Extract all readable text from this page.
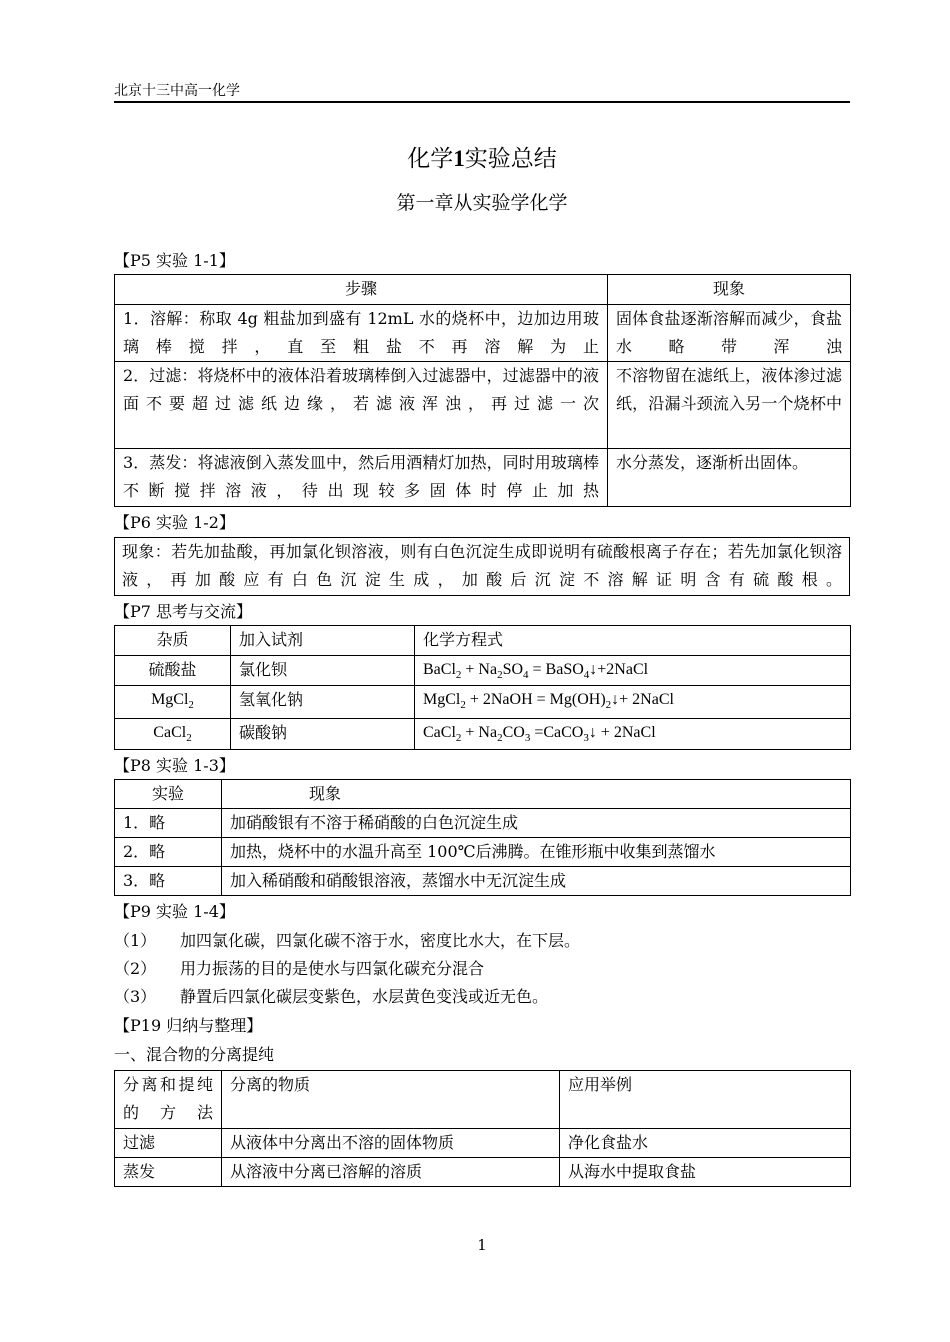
北京十三中高一化学
化学1实验总结
第一章从实验学化学
【P5 实验 1-1】
步骤	现象
1．溶解：称取 4g 粗盐加到盛有 12mL 水的烧杯中，边加边用玻璃棒搅拌，直至粗盐不再溶解为止	固体食盐逐渐溶解而减少，食盐水略带浑浊
2．过滤：将烧杯中的液体沿着玻璃棒倒入过滤器中，过滤器中的液面不要超过滤纸边缘，若滤液浑浊，再过滤一次	不溶物留在滤纸上，液体渗过滤纸，沿漏斗颈流入另一个烧杯中
3．蒸发：将滤液倒入蒸发皿中，然后用酒精灯加热，同时用玻璃棒不断搅拌溶液，待出现较多固体时停止加热	水分蒸发，逐渐析出固体。
【P6 实验 1-2】
现象：若先加盐酸，再加氯化钡溶液，则有白色沉淀生成即说明有硫酸根离子存在；若先加氯化钡溶液，再加酸应有白色沉淀生成，加酸后沉淀不溶解证明含有硫酸根。
【P7 思考与交流】
杂质	加入试剂	化学方程式
硫酸盐	氯化钡	BaCl$_2$ + $Na_2SO_4$ = BaSO$_4$↓+2NaCl
MgCl$_2$	氢氧化钠	MgCl$_2$ + 2NaOH = $Mg(OH)_2↓+$ 2NaCl
CaCl$_2$	碳酸钠	CaCl$_2$ + $Na_2CO_3$ =CaCO$_3$↓ + 2NaCl
【P8 实验 1-3】
实验	现象
1．略	加硝酸银有不溶于稀硝酸的白色沉淀生成
2．略	加热，烧杯中的水温升高至 100℃后沸腾。在锥形瓶中收集到蒸馏水
3．略	加入稀硝酸和硝酸银溶液，蒸馏水中无沉淀生成
【P9 实验 1-4】
（1） 加四氯化碳，四氯化碳不溶于水，密度比水大，在下层。
（2） 用力振荡的目的是使水与四氯化碳充分混合
（3） 静置后四氯化碳层变紫色，水层黄色变浅或近无色。
【P19 归纳与整理】
一、混合物的分离提纯
分离和提纯的方法	分离的物质	应用举例
过滤	从液体中分离出不溶的固体物质	净化食盐水
蒸发	从溶液中分离已溶解的溶质	从海水中提取食盐
1
